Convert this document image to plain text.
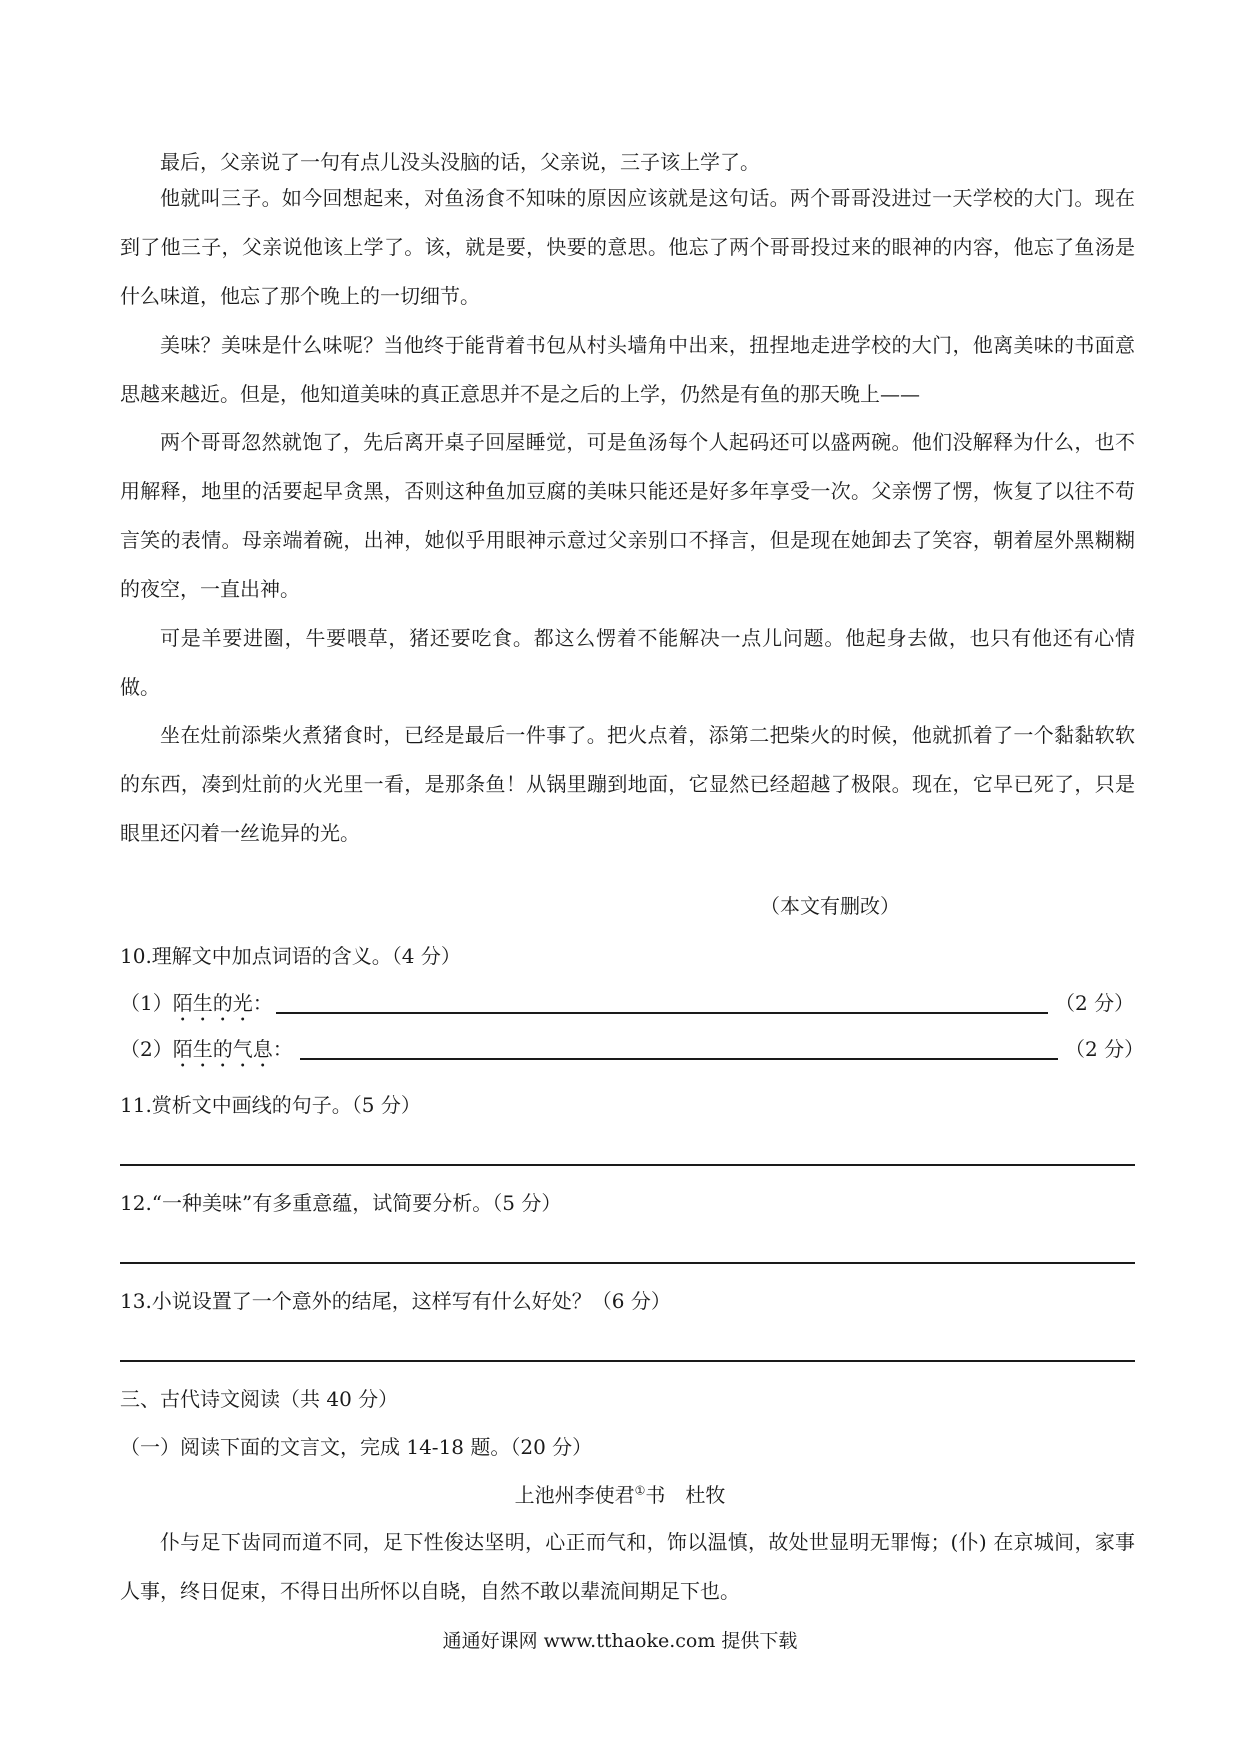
最后，父亲说了一句有点儿没头没脑的话，父亲说，三子该上学了。

他就叫三子。如今回想起来，对鱼汤食不知味的原因应该就是这句话。两个哥哥没进过一天学校的大门。现在到了他三子，父亲说他该上学了。该，就是要，快要的意思。他忘了两个哥哥投过来的眼神的内容，他忘了鱼汤是什么味道，他忘了那个晚上的一切细节。

美味？美味是什么味呢？当他终于能背着书包从村头墙角中出来，扭捏地走进学校的大门，他离美味的书面意思越来越近。但是，他知道美味的真正意思并不是之后的上学，仍然是有鱼的那天晚上——

两个哥哥忽然就饱了，先后离开桌子回屋睡觉，可是鱼汤每个人起码还可以盛两碗。他们没解释为什么，也不用解释，地里的活要起早贪黑，否则这种鱼加豆腐的美味只能还是好多年享受一次。父亲愣了愣，恢复了以往不苟言笑的表情。母亲端着碗，出神，她似乎用眼神示意过父亲别口不择言，但是现在她卸去了笑容，朝着屋外黑糊糊的夜空，一直出神。

可是羊要进圈，牛要喂草，猪还要吃食。都这么愣着不能解决一点儿问题。他起身去做，也只有他还有心情做。

坐在灶前添柴火煮猪食时，已经是最后一件事了。把火点着，添第二把柴火的时候，他就抓着了一个黏黏软软的东西，凑到灶前的火光里一看，是那条鱼！从锅里蹦到地面，它显然已经超越了极限。现在，它早已死了，只是眼里还闪着一丝诡异的光。

（本文有删改）
10.理解文中加点词语的含义。（4 分）
（1）陌生的光：	（2 分）
（2）陌生的气息：	（2 分）
11.赏析文中画线的句子。（5 分）
12.“一种美味”有多重意蕴，试简要分析。（5 分）
13.小说设置了一个意外的结尾，这样写有什么好处？（6 分）
三、古代诗文阅读（共 40 分）
（一）阅读下面的文言文，完成 14-18 题。（20 分）
上池州李使君①书　杜牧

仆与足下齿同而道不同，足下性俊达坚明，心正而气和，饰以温慎，故处世显明无罪悔；(仆) 在京城间，家事人事，终日促束，不得日出所怀以自晓，自然不敢以辈流间期足下也。

通通好课网 www.tthaoke.com 提供下载
